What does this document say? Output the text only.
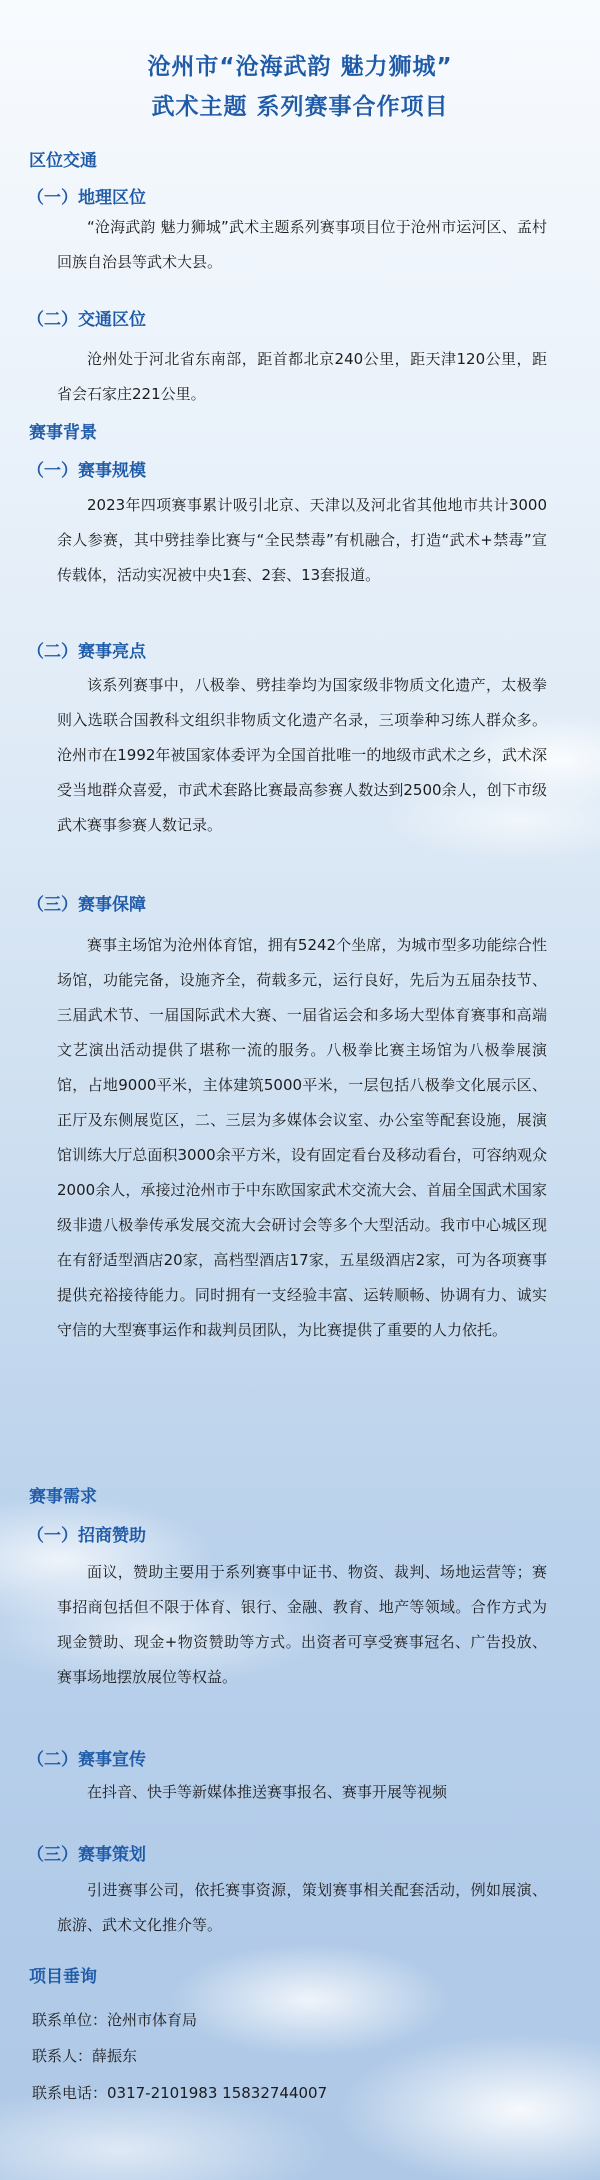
沧州市“沧海武韵 魅力狮城”
武术主题 系列赛事合作项目
区位交通
（一）地理区位

“沧海武韵 魅力狮城”武术主题系列赛事项目位于沧州市运河区、孟村回族自治县等武术大县。

（二）交通区位

沧州处于河北省东南部，距首都北京240公里，距天津120公里，距省会石家庄221公里。

赛事背景
（一）赛事规模

2023年四项赛事累计吸引北京、天津以及河北省其他地市共计3000余人参赛，其中劈挂拳比赛与“全民禁毒”有机融合，打造“武术+禁毒”宣传载体，活动实况被中央1套、2套、13套报道。

（二）赛事亮点

该系列赛事中，八极拳、劈挂拳均为国家级非物质文化遗产，太极拳则入选联合国教科文组织非物质文化遗产名录，三项拳种习练人群众多。沧州市在1992年被国家体委评为全国首批唯一的地级市武术之乡，武术深受当地群众喜爱，市武术套路比赛最高参赛人数达到2500余人，创下市级武术赛事参赛人数记录。

（三）赛事保障

赛事主场馆为沧州体育馆，拥有5242个坐席，为城市型多功能综合性场馆，功能完备，设施齐全，荷载多元，运行良好，先后为五届杂技节、三届武术节、一届国际武术大赛、一届省运会和多场大型体育赛事和高端文艺演出活动提供了堪称一流的服务。八极拳比赛主场馆为八极拳展演馆，占地9000平米，主体建筑5000平米，一层包括八极拳文化展示区、正厅及东侧展览区，二、三层为多媒体会议室、办公室等配套设施，展演馆训练大厅总面积3000余平方米，设有固定看台及移动看台，可容纳观众2000余人，承接过沧州市于中东欧国家武术交流大会、首届全国武术国家级非遗八极拳传承发展交流大会研讨会等多个大型活动。我市中心城区现在有舒适型酒店20家，高档型酒店17家，五星级酒店2家，可为各项赛事提供充裕接待能力。同时拥有一支经验丰富、运转顺畅、协调有力、诚实守信的大型赛事运作和裁判员团队，为比赛提供了重要的人力依托。

赛事需求
（一）招商赞助

面议，赞助主要用于系列赛事中证书、物资、裁判、场地运营等；赛事招商包括但不限于体育、银行、金融、教育、地产等领域。合作方式为现金赞助、现金+物资赞助等方式。出资者可享受赛事冠名、广告投放、赛事场地摆放展位等权益。

（二）赛事宣传

在抖音、快手等新媒体推送赛事报名、赛事开展等视频

（三）赛事策划

引进赛事公司，依托赛事资源，策划赛事相关配套活动，例如展演、旅游、武术文化推介等。

项目垂询

联系单位：沧州市体育局

联系人：薛振东

联系电话：0317-2101983 15832744007
